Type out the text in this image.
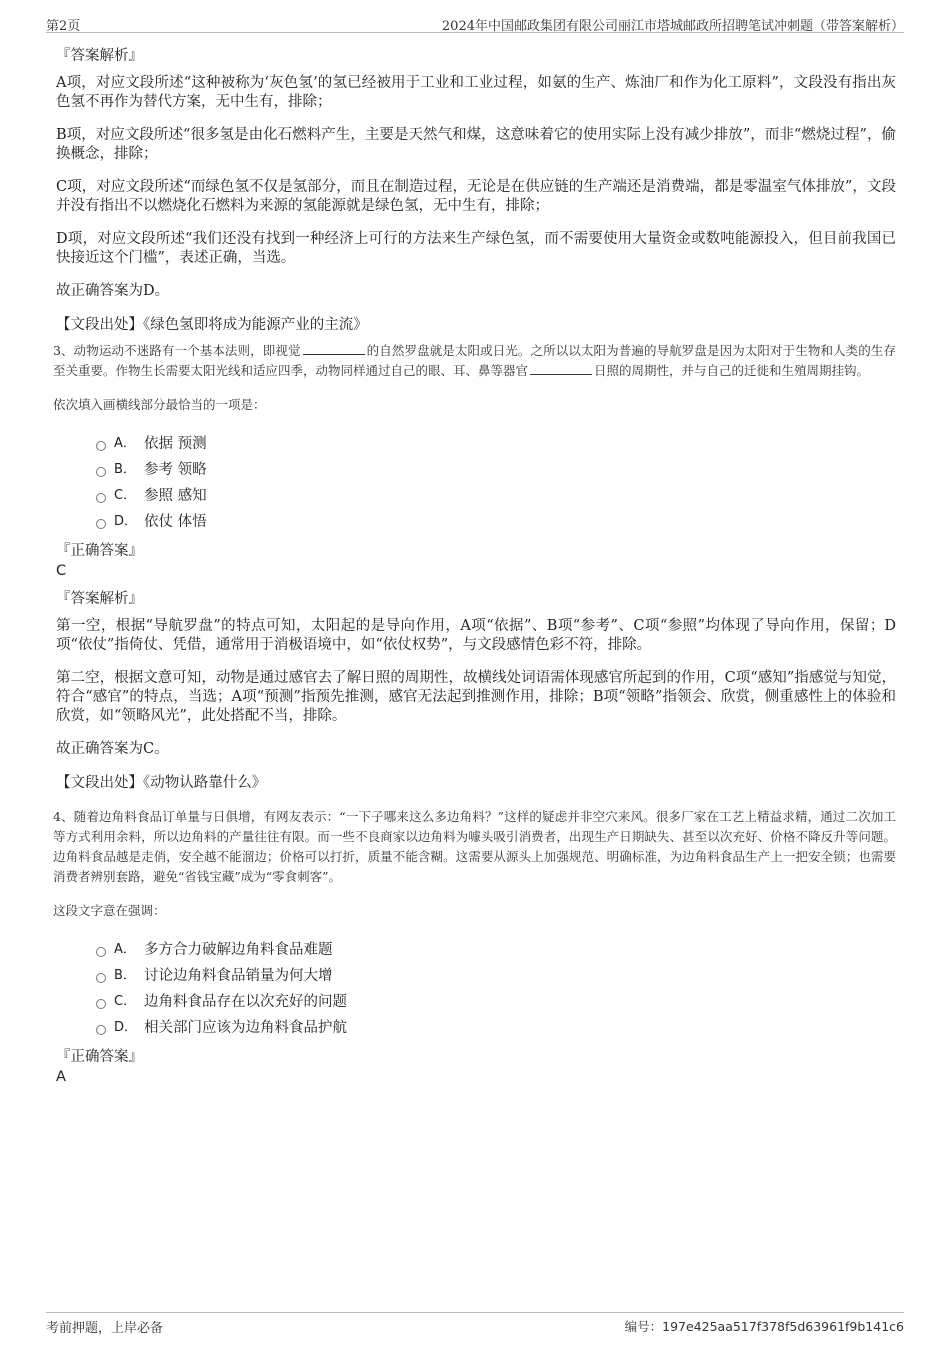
第2页	2024年中国邮政集团有限公司丽江市塔城邮政所招聘笔试冲刺题（带答案解析）
『答案解析』

A项，对应文段所述“这种被称为‘灰色氢’的氢已经被用于工业和工业过程，如氨的生产、炼油厂和作为化工原料”，文段没有指出灰色氢不再作为替代方案，无中生有，排除；

B项，对应文段所述“很多氢是由化石燃料产生，主要是天然气和煤，这意味着它的使用实际上没有减少排放”，而非“燃烧过程”，偷换概念，排除；

C项，对应文段所述“而绿色氢不仅是氢部分，而且在制造过程，无论是在供应链的生产端还是消费端，都是零温室气体排放”，文段并没有指出不以燃烧化石燃料为来源的氢能源就是绿色氢，无中生有，排除；

D项，对应文段所述“我们还没有找到一种经济上可行的方法来生产绿色氢，而不需要使用大量资金或数吨能源投入，但目前我国已快接近这个门槛”，表述正确，当选。

故正确答案为D。

【文段出处】《绿色氢即将成为能源产业的主流》
3、动物运动不迷路有一个基本法则，即视觉	的自然罗盘就是太阳或日光。之所以以太阳为普遍的导航罗盘是因为太阳对于生物和人类的生存至关重要。作物生长需要太阳光线和适应四季，动物同样通过自己的眼、耳、鼻等器官	日照的周期性，并与自己的迁徙和生殖周期挂钩。
依次填入画横线部分最恰当的一项是：
A． 依据 预测
B． 参考 领略
C． 参照 感知
D． 依仗 体悟
『正确答案』
C
『答案解析』

第一空，根据“导航罗盘”的特点可知，太阳起的是导向作用，A项“依据”、B项“参考”、C项“参照”均体现了导向作用，保留；D项“依仗”指倚仗、凭借，通常用于消极语境中，如“依仗权势”，与文段感情色彩不符，排除。

第二空，根据文意可知，动物是通过感官去了解日照的周期性，故横线处词语需体现感官所起到的作用，C项“感知”指感觉与知觉，符合“感官”的特点，当选；A项“预测”指预先推测，感官无法起到推测作用，排除；B项“领略”指领会、欣赏，侧重感性上的体验和欣赏，如“领略风光”，此处搭配不当，排除。

故正确答案为C。

【文段出处】《动物认路靠什么》
4、随着边角料食品订单量与日俱增，有网友表示：“一下子哪来这么多边角料？”这样的疑虑并非空穴来风。很多厂家在工艺上精益求精，通过二次加工等方式利用余料，所以边角料的产量往往有限。而一些不良商家以边角料为噱头吸引消费者，出现生产日期缺失、甚至以次充好、价格不降反升等问题。边角料食品越是走俏，安全越不能溜边；价格可以打折，质量不能含糊。这需要从源头上加强规范、明确标准，为边角料食品生产上一把安全锁；也需要消费者辨别套路，避免“省钱宝藏”成为“零食刺客”。
这段文字意在强调：
A． 多方合力破解边角料食品难题
B． 讨论边角料食品销量为何大增
C． 边角料食品存在以次充好的问题
D． 相关部门应该为边角料食品护航
『正确答案』
A
考前押题，上岸必备	编号：197e425aa517f378f5d63961f9b141c6
